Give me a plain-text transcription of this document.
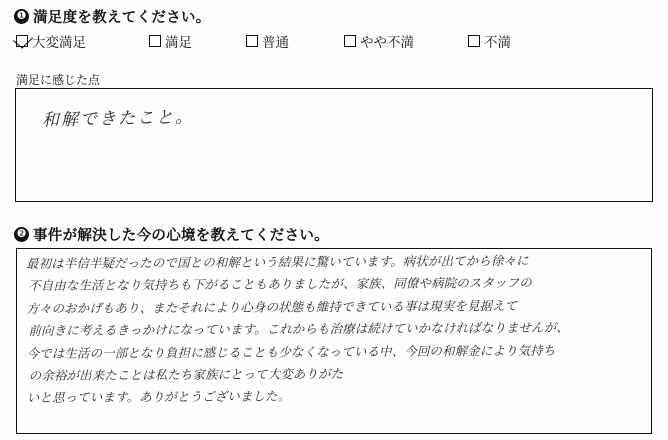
❶ 満足度を教えてください。
大変満足	満足	普通	やや不満	不満
満足に感じた点
和解できたこと。
❷ 事件が解決した今の心境を教えてください。
最初は半信半疑だったので国との和解という結果に驚いています。病状が出てから徐々に
不自由な生活となり気持ちも下がることもありましたが、家族、同僚や病院のスタッフの
方々のおかげもあり、またそれにより心身の状態も維持できている事は現実を見据えて
前向きに考えるきっかけになっています。これからも治療は続けていかなければなりませんが、
今では生活の一部となり負担に感じることも少なくなっている中、今回の和解金により気持ち
の余裕が出来たことは私たち家族にとって大変ありがた
いと思っています。ありがとうございました。
